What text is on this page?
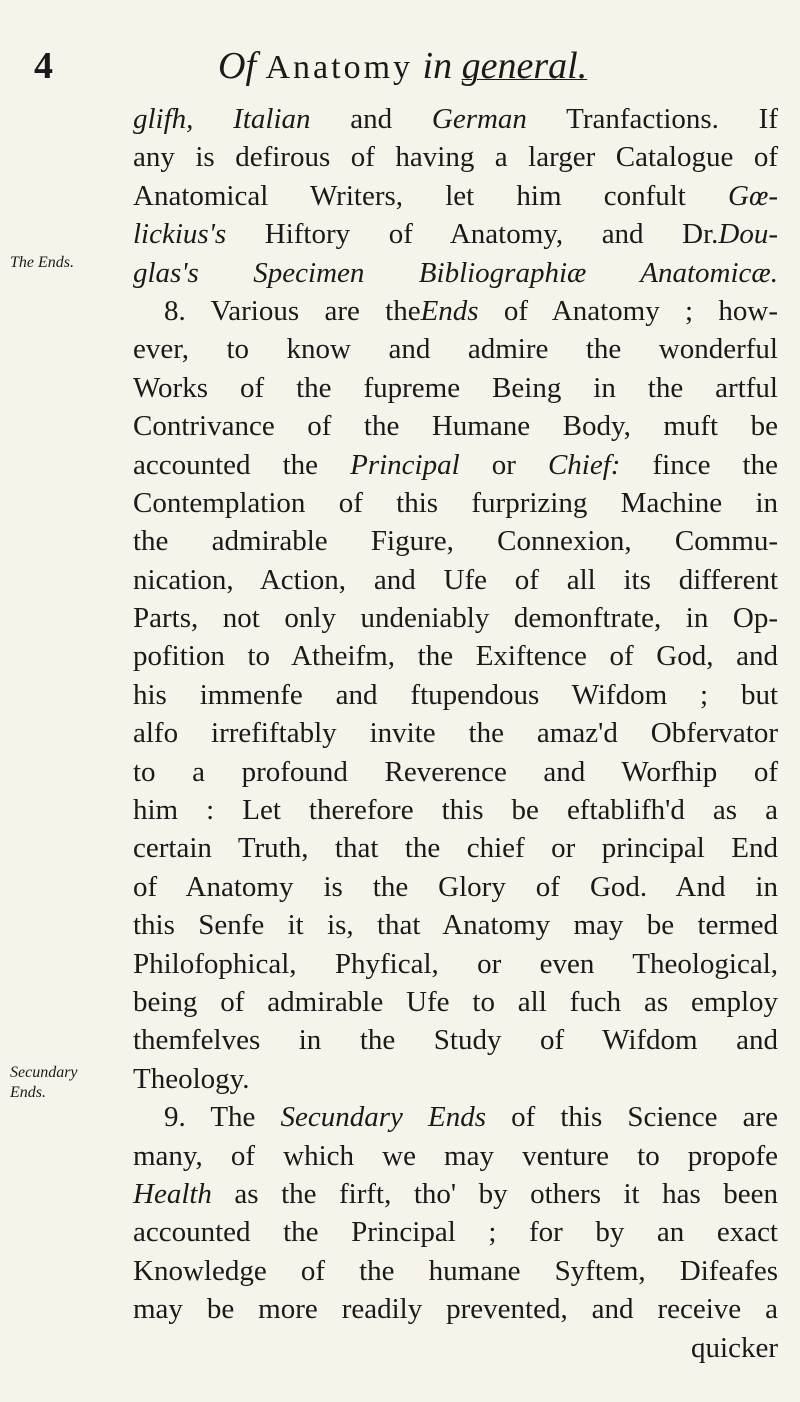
4	Of Anatomy in general.
The Ends.
Secundary
Ends.
glifh, Italian and German Tranfactions. If
any is defirous of having a larger Catalogue of
Anatomical Writers, let him confult Gœ-
lickius's Hiftory of Anatomy, and Dr.Dou-
glas's Specimen Bibliographiæ Anatomicæ.
8. Various are theEnds of Anatomy ; how-
ever, to know and admire the wonderful
Works of the fupreme Being in the artful
Contrivance of the Humane Body, muft be
accounted the Principal or Chief: fince the
Contemplation of this furprizing Machine in
the admirable Figure, Connexion, Commu-
nication, Action, and Ufe of all its different
Parts, not only undeniably demonftrate, in Op-
pofition to Atheifm, the Exiftence of God, and
his immenfe and ftupendous Wifdom ; but
alfo irrefiftably invite the amaz'd Obfervator
to a profound Reverence and Worfhip of
him : Let therefore this be eftablifh'd as a
certain Truth, that the chief or principal End
of Anatomy is the Glory of God. And in
this Senfe it is, that Anatomy may be termed
Philofophical, Phyfical, or even Theological,
being of admirable Ufe to all fuch as employ
themfelves in the Study of Wifdom and
Theology.
9. The Secundary Ends of this Science are
many, of which we may venture to propofe
Health as the firft, tho' by others it has been
accounted the Principal ; for by an exact
Knowledge of the humane Syftem, Difeafes
may be more readily prevented, and receive a
quicker
